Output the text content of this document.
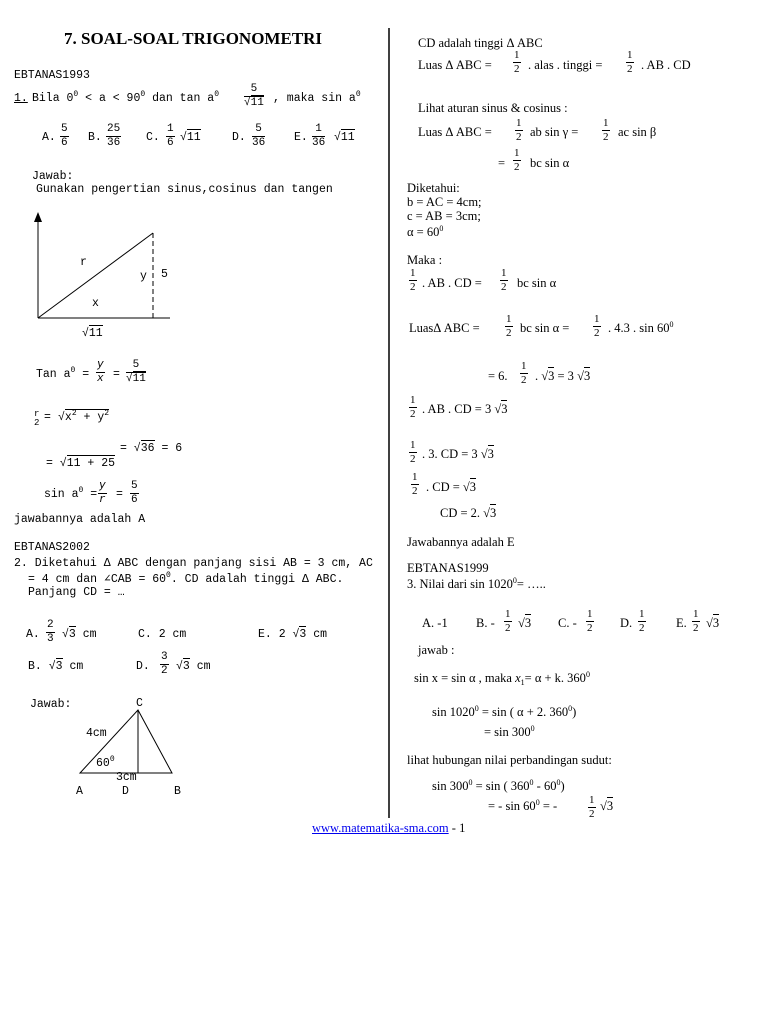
7. SOAL-SOAL TRIGONOMETRI
EBTANAS1993
1. Bila $0^0 < a < 90^0$ dan $\tan a^0$	5
√11 , maka $\sin a^0$
A.
5
6 B.
25
36 C.
1
6 √11	D.
5
36	E.
1
36 √11
Jawab:
Gunakan pengertian sinus,cosinus dan tangen
r
y 5
x
√11
Tan $a^0$ =
y
x =
5
√11
r
$2 = √x^2 + y^2$
= √36 = 6
= √11 + 25
$\sin a^0$ =
y
r =
5
6
jawabannya adalah A
EBTANAS2002
2. Diketahui Δ ABC dengan panjang sisi AB = 3 cm, AC
= 4 cm dan ∠CAB = $60^0$. CD adalah tinggi Δ ABC.
Panjang CD = …
A.
2
3 √3 cm	C. 2 cm	E. 2 √3 cm
B. √3 cm	D.
3
2 √3 cm
Jawab:	C
4cm
$60^0$
3cm
A	D	B
CD adalah tinggi Δ ABC
Luas Δ ABC =
1
2 . alas . tinggi =
1
2 . AB . CD
Lihat aturan sinus & cosinus :
Luas Δ ABC =
1
2 ab sin γ =
1
2 ac sin β
=
1
2 bc sin α
Diketahui:
b = AC = 4cm;
c = AB = 3cm;
$\alpha = 60^0$
Maka :
1
2 . AB . CD =
1
2 bc sin α
LuasΔ ABC =
1
2 bc sin α =
1
2 . 4.3 . $\sin 60^0$
= 6.
1
2 . √3 = 3 √3
1
2 . AB . CD = 3 √3
1
2 . 3. CD = 3 √3
1
2 . CD = √3
CD = 2. √3
Jawabannya adalah E
EBTANAS1999
3. Nilai dari $\sin 1020^0=$ …..
A. -1 B. -
1
2 √3 C. -
1
2 D.
1
2	E.
1
2 √3
jawab :
sin x = sin α , maka $x_1= \alpha + k$. $360^0$
$\sin 1020^0 = \sin$ ( α + 2. $360^0$)
= $\sin 300^0$
lihat hubungan nilai perbandingan sudut:
$\sin 300^0 = \sin$ ( $360^0 - 60^0$)
= - $\sin 60^0$ = -	1
2
√3
www.matematika-sma.com - 1
